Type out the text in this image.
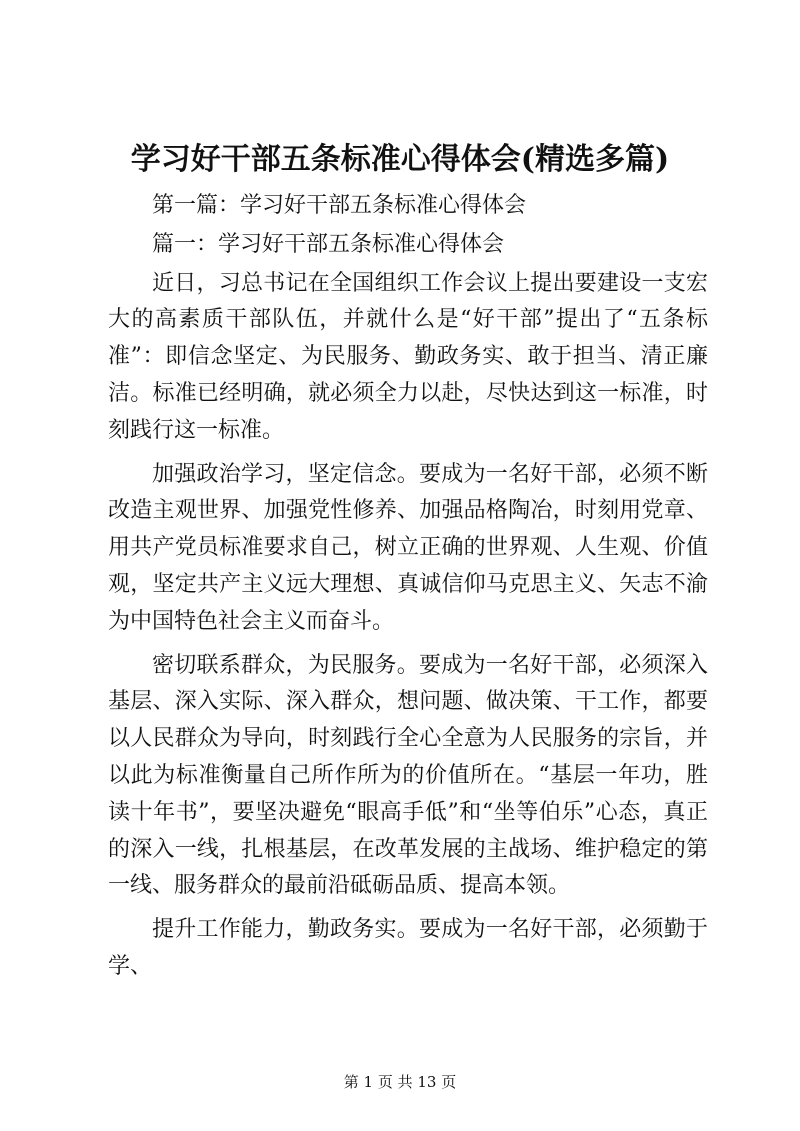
学习好干部五条标准心得体会(精选多篇)

第一篇：学习好干部五条标准心得体会

篇一：学习好干部五条标准心得体会

近日，习总书记在全国组织工作会议上提出要建设一支宏大的高素质干部队伍，并就什么是“好干部”提出了“五条标准”：即信念坚定、为民服务、勤政务实、敢于担当、清正廉洁。标准已经明确，就必须全力以赴，尽快达到这一标准，时刻践行这一标准。

加强政治学习，坚定信念。要成为一名好干部，必须不断改造主观世界、加强党性修养、加强品格陶冶，时刻用党章、用共产党员标准要求自己，树立正确的世界观、人生观、价值观，坚定共产主义远大理想、真诚信仰马克思主义、矢志不渝为中国特色社会主义而奋斗。

密切联系群众，为民服务。要成为一名好干部，必须深入基层、深入实际、深入群众，想问题、做决策、干工作，都要以人民群众为导向，时刻践行全心全意为人民服务的宗旨，并以此为标准衡量自己所作所为的价值所在。“基层一年功，胜读十年书”，要坚决避免“眼高手低”和“坐等伯乐”心态，真正的深入一线，扎根基层，在改革发展的主战场、维护稳定的第一线、服务群众的最前沿砥砺品质、提高本领。

提升工作能力，勤政务实。要成为一名好干部，必须勤于学、

第 1 页 共 13 页
